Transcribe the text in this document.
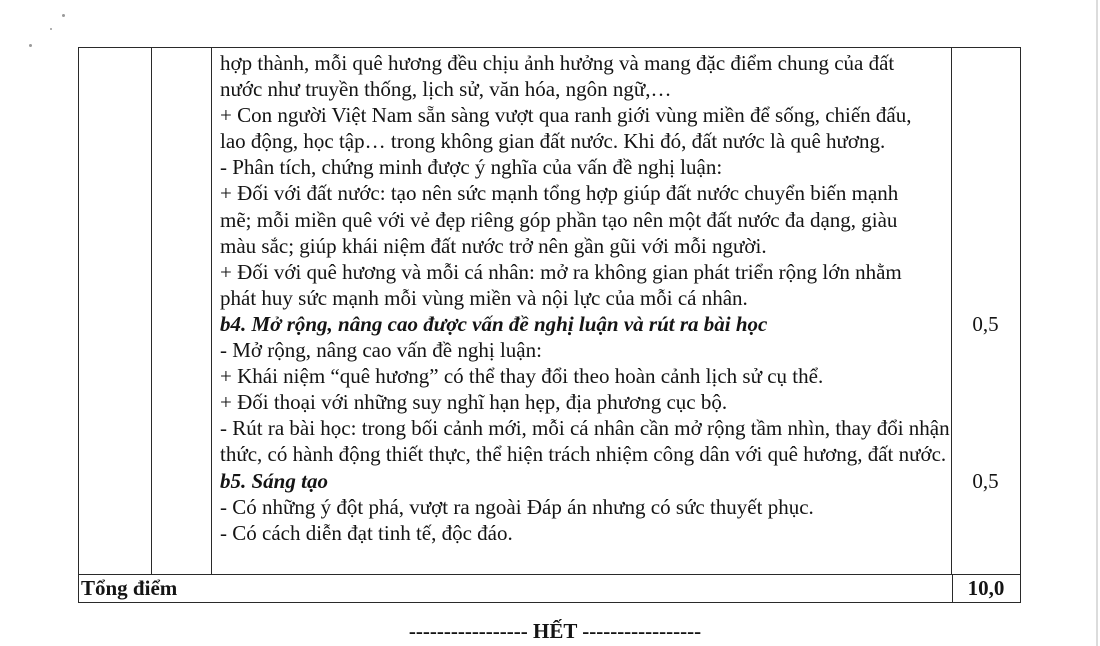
hợp thành, mỗi quê hương đều chịu ảnh hưởng và mang đặc điểm chung của đất
nước như truyền thống, lịch sử, văn hóa, ngôn ngữ,…
+ Con người Việt Nam sẵn sàng vượt qua ranh giới vùng miền để sống, chiến đấu,
lao động, học tập… trong không gian đất nước. Khi đó, đất nước là quê hương.
- Phân tích, chứng minh được ý nghĩa của vấn đề nghị luận:
+ Đối với đất nước: tạo nên sức mạnh tổng hợp giúp đất nước chuyển biến mạnh
mẽ; mỗi miền quê với vẻ đẹp riêng góp phần tạo nên một đất nước đa dạng, giàu
màu sắc; giúp khái niệm đất nước trở nên gần gũi với mỗi người.
+ Đối với quê hương và mỗi cá nhân: mở ra không gian phát triển rộng lớn nhằm
phát huy sức mạnh mỗi vùng miền và nội lực của mỗi cá nhân.
b4. Mở rộng, nâng cao được vấn đề nghị luận và rút ra bài học
- Mở rộng, nâng cao vấn đề nghị luận:
+ Khái niệm “quê hương” có thể thay đổi theo hoàn cảnh lịch sử cụ thể.
+ Đối thoại với những suy nghĩ hạn hẹp, địa phương cục bộ.
- Rút ra bài học: trong bối cảnh mới, mỗi cá nhân cần mở rộng tầm nhìn, thay đổi nhận
thức, có hành động thiết thực, thể hiện trách nhiệm công dân với quê hương, đất nước.
b5. Sáng tạo
- Có những ý đột phá, vượt ra ngoài Đáp án nhưng có sức thuyết phục.
- Có cách diễn đạt tinh tế, độc đáo.
0,5
0,5
Tổng điểm	10,0
----------------- HẾT -----------------
